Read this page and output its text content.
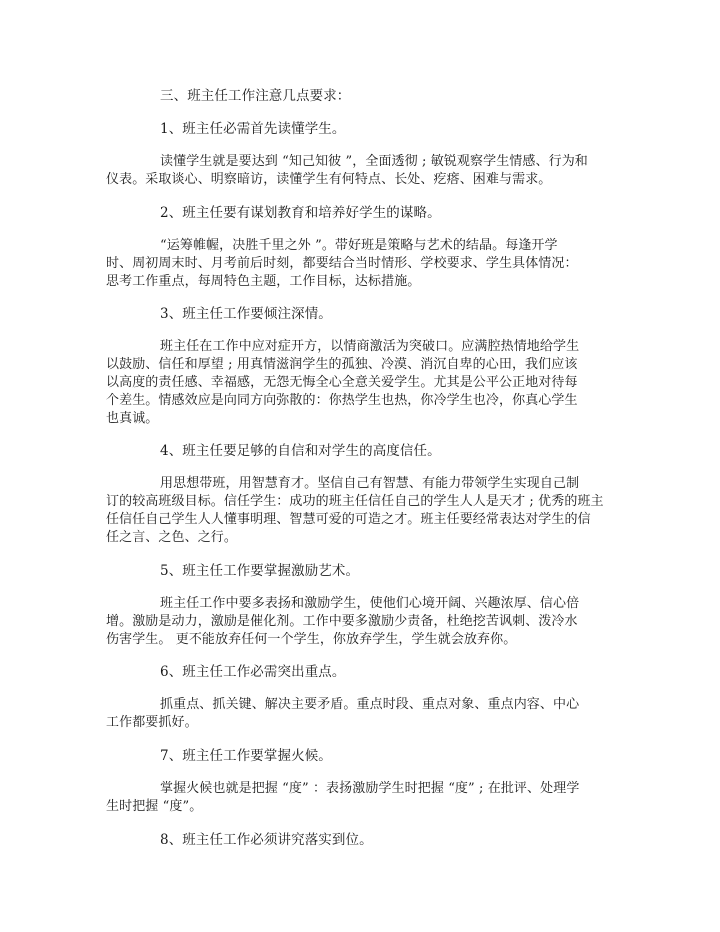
三、班主任工作注意几点要求：
1、班主任必需首先读懂学生。
读懂学生就是要达到 “知己知彼 ”，全面透彻 ; 敏锐观察学生情感、行为和
仪表。采取谈心、明察暗访，读懂学生有何特点、长处、疙瘩、困难与需求。
2、班主任要有谋划教育和培养好学生的谋略。
“运筹帷幄，决胜千里之外 ”。带好班是策略与艺术的结晶。每逢开学
时、周初周末时、月考前后时刻，都要结合当时情形、学校要求、学生具体情况：
思考工作重点，每周特色主题，工作目标，达标措施。
3、班主任工作要倾注深情。
班主任在工作中应对症开方，以情商激活为突破口。应满腔热情地给学生
以鼓励、信任和厚望 ; 用真情滋润学生的孤独、冷漠、消沉自卑的心田，我们应该
以高度的责任感、幸福感，无怨无悔全心全意关爱学生。尤其是公平公正地对待每
个差生。情感效应是向同方向弥散的：你热学生也热，你冷学生也冷，你真心学生
也真诚。
4、班主任要足够的自信和对学生的高度信任。
用思想带班，用智慧育才。坚信自己有智慧、有能力带领学生实现自己制
订的较高班级目标。信任学生：成功的班主任信任自己的学生人人是天才 ; 优秀的班主
任信任自己学生人人懂事明理、智慧可爱的可造之才。班主任要经常表达对学生的信
任之言、之色、之行。
5、班主任工作要掌握激励艺术。
班主任工作中要多表扬和激励学生，使他们心境开阔、兴趣浓厚、信心倍
增。激励是动力，激励是催化剂。工作中要多激励少责备，杜绝挖苦讽刺、泼冷水
伤害学生。 更不能放弃任何一个学生，你放弃学生，学生就会放弃你。
6、班主任工作必需突出重点。
抓重点、抓关键、解决主要矛盾。重点时段、重点对象、重点内容、中心
工作都要抓好。
7、班主任工作要掌握火候。
掌握火候也就是把握 “度” ：表扬激励学生时把握 “度” ; 在批评、处理学
生时把握 “度”。
8、班主任工作必须讲究落实到位。
